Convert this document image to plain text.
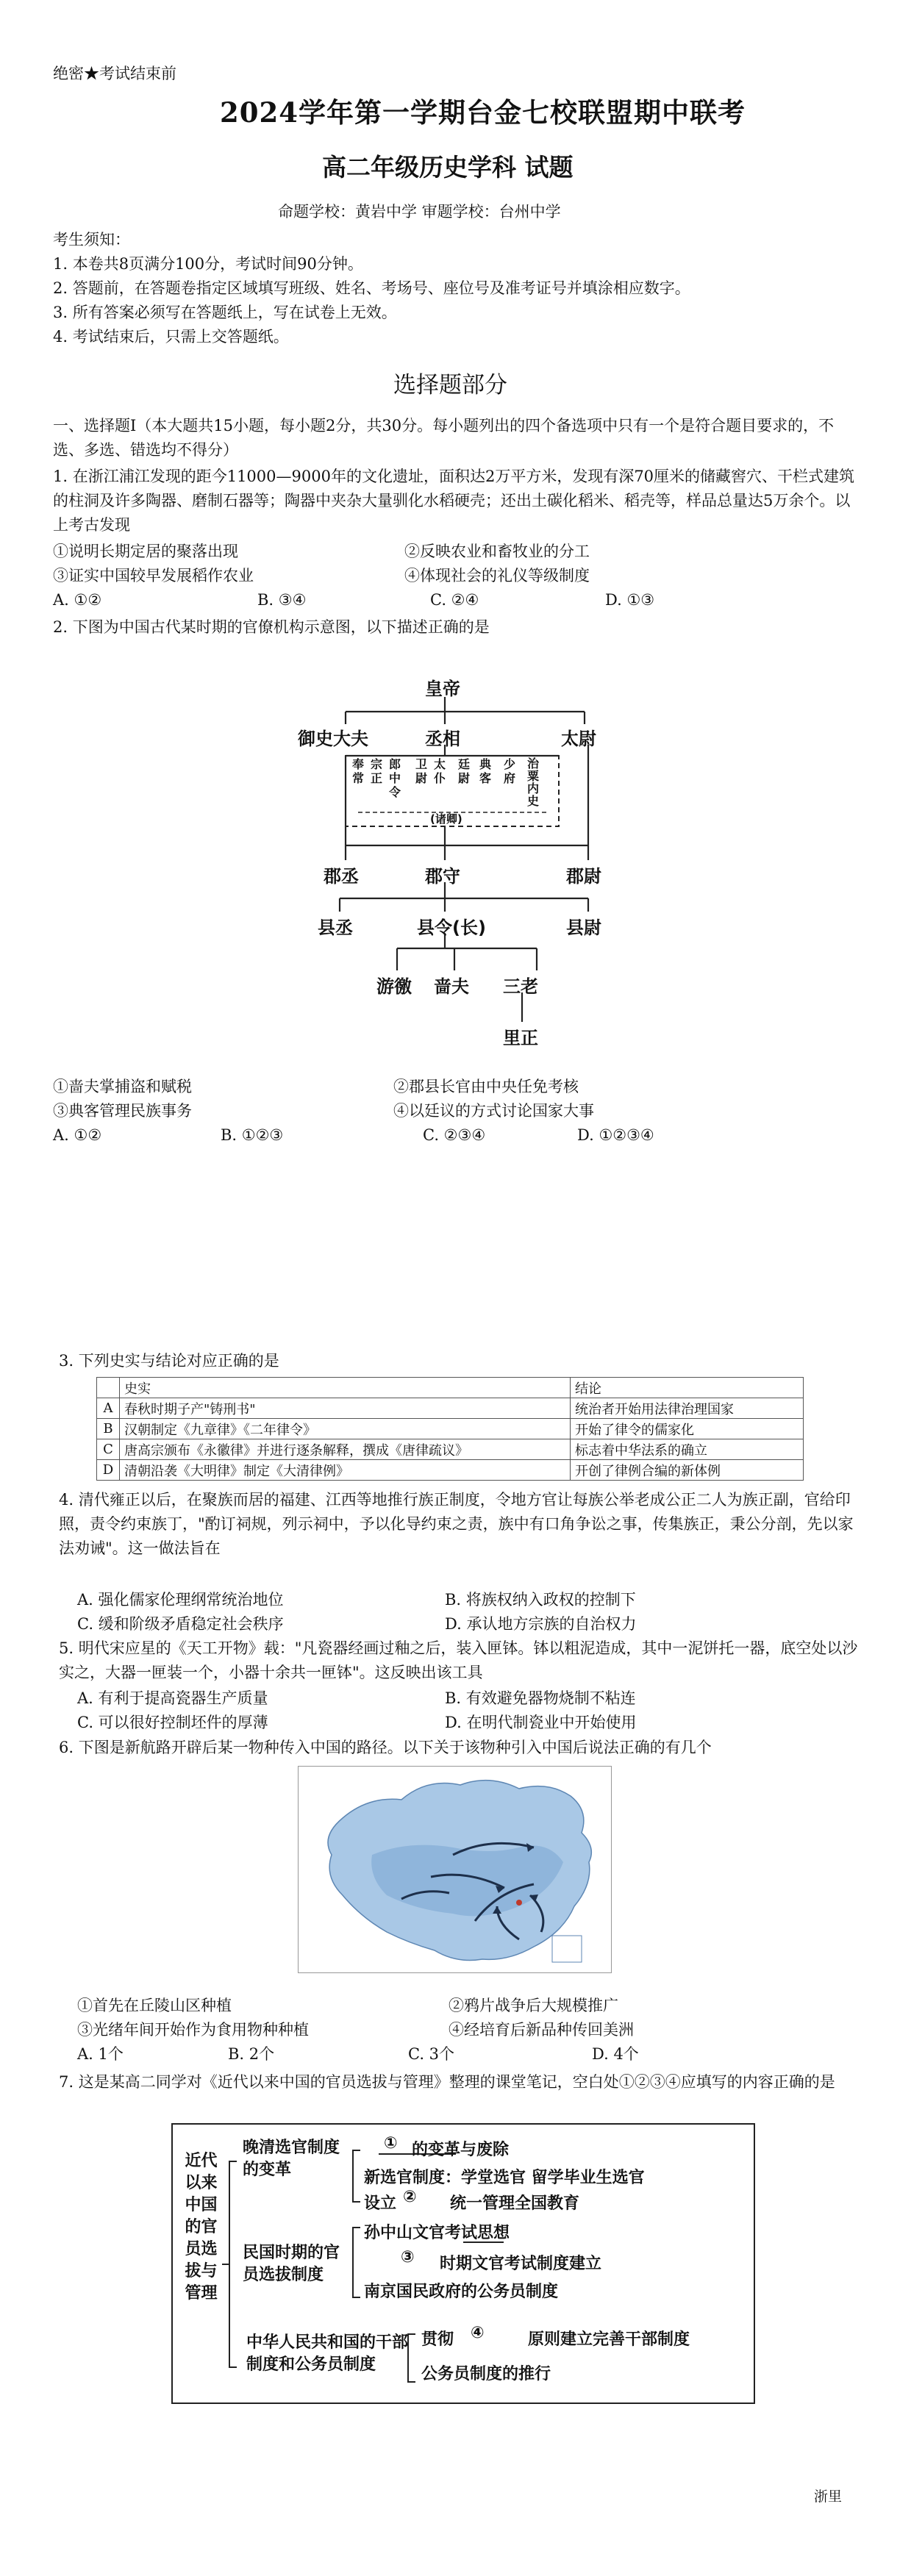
绝密★考试结束前
2024学年第一学期台金七校联盟期中联考
高二年级历史学科 试题
命题学校：黄岩中学 审题学校：台州中学
考生须知：
1. 本卷共8页满分100分，考试时间90分钟。
2. 答题前，在答题卷指定区域填写班级、姓名、考场号、座位号及准考证号并填涂相应数字。
3. 所有答案必须写在答题纸上，写在试卷上无效。
4. 考试结束后，只需上交答题纸。
选择题部分
一、选择题Ⅰ（本大题共15小题，每小题2分，共30分。每小题列出的四个备选项中只有一个是符合题目要求的，不选、多选、错选均不得分）
1. 在浙江浦江发现的距今11000—9000年的文化遗址，面积达2万平方米，发现有深70厘米的储藏窖穴、干栏式建筑的柱洞及许多陶器、磨制石器等；陶器中夹杂大量驯化水稻硬壳；还出土碳化稻米、稻壳等，样品总量达5万余个。以上考古发现
①说明长期定居的聚落出现	②反映农业和畜牧业的分工
③证实中国较早发展稻作农业	④体现社会的礼仪等级制度
A. ①②	B. ③④	C. ②④	D. ①③
2. 下图为中国古代某时期的官僚机构示意图，以下描述正确的是
皇帝
御史大夫	丞相	太尉
奉常
宗正
郎中令
卫尉
太仆
廷尉
典客
少府
治粟内史
(诸卿)
郡丞	郡守	郡尉
县丞	县令(长)	县尉
游徼 啬夫 三老
里正
①啬夫掌捕盗和赋税	②郡县长官由中央任免考核
③典客管理民族事务	④以廷议的方式讨论国家大事
A. ①②	B. ①②③	C. ②③④	D. ①②③④
3. 下列史实与结论对应正确的是
	史实	结论
A	春秋时期子产"铸刑书"	统治者开始用法律治理国家
B	汉朝制定《九章律》《二年律令》	开始了律令的儒家化
C	唐高宗颁布《永徽律》并进行逐条解释，撰成《唐律疏议》	标志着中华法系的确立
D	清朝沿袭《大明律》制定《大清律例》	开创了律例合编的新体例
4. 清代雍正以后，在聚族而居的福建、江西等地推行族正制度，令地方官让每族公举老成公正二人为族正副，官给印照，责令约束族丁，"酌订祠规，列示祠中，予以化导约束之责，族中有口角争讼之事，传集族正，秉公分剖，先以家法劝诫"。这一做法旨在
A. 强化儒家伦理纲常统治地位	B. 将族权纳入政权的控制下
C. 缓和阶级矛盾稳定社会秩序	D. 承认地方宗族的自治权力
5. 明代宋应星的《天工开物》载："凡瓷器经画过釉之后，装入匣钵。钵以粗泥造成，其中一泥饼托一器，底空处以沙实之，大器一匣装一个，小器十余共一匣钵"。这反映出该工具
A. 有利于提高瓷器生产质量	B. 有效避免器物烧制不粘连
C. 可以很好控制坯件的厚薄	D. 在明代制瓷业中开始使用
6. 下图是新航路开辟后某一物种传入中国的路径。以下关于该物种引入中国后说法正确的有几个
①首先在丘陵山区种植	②鸦片战争后大规模推广
③光绪年间开始作为食用物种种植	④经培育后新品种传回美洲
A. 1个	B. 2个	C. 3个	D. 4个
7. 这是某高二同学对《近代以来中国的官员选拔与管理》整理的课堂笔记，空白处①②③④应填写的内容正确的是
近代以来中国的官员选拔与管理
晚清选官制度的变革
① 的变革与废除
新选官制度：学堂选官 留学毕业生选官
设立 ② 统一管理全国教育
民国时期的官员选拔制度
孙中山文官考试思想
③ 时期文官考试制度建立
南京国民政府的公务员制度
中华人民共和国的干部制度和公务员制度
贯彻 ④	原则建立完善干部制度
公务员制度的推行
浙里
